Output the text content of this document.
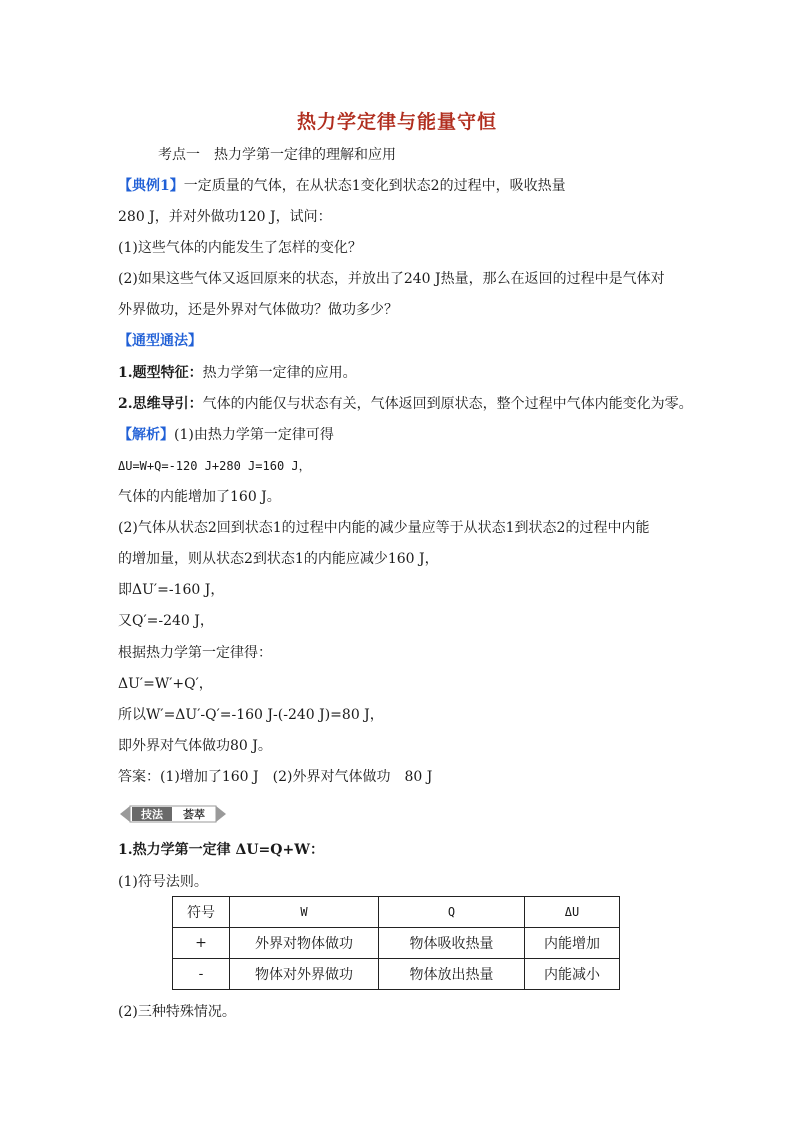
热力学定律与能量守恒
考点一　热力学第一定律的理解和应用
【典例1】一定质量的气体，在从状态1变化到状态2的过程中，吸收热量
280 J，并对外做功120 J，试问：
(1)这些气体的内能发生了怎样的变化？
(2)如果这些气体又返回原来的状态，并放出了240 J热量，那么在返回的过程中是气体对
外界做功，还是外界对气体做功？做功多少？
【通型通法】
1.题型特征：热力学第一定律的应用。
2.思维导引：气体的内能仅与状态有关，气体返回到原状态，整个过程中气体内能变化为零。
【解析】(1)由热力学第一定律可得
ΔU=W+Q=-120 J+280 J=160 J，
气体的内能增加了160 J。
(2)气体从状态2回到状态1的过程中内能的减少量应等于从状态1到状态2的过程中内能
的增加量，则从状态2到状态1的内能应减少160 J，
即ΔU′=-160 J，
又Q′=-240 J，
根据热力学第一定律得：
ΔU′=W′+Q′，
所以W′=ΔU′-Q′=-160 J-(-240 J)=80 J，
即外界对气体做功80 J。
答案：(1)增加了160 J　(2)外界对气体做功　80 J
技法 荟萃
1.热力学第一定律 ΔU=Q+W：
(1)符号法则。
符号	W	Q	ΔU
+	外界对物体做功	物体吸收热量	内能增加
-	物体对外界做功	物体放出热量	内能减小
(2)三种特殊情况。
